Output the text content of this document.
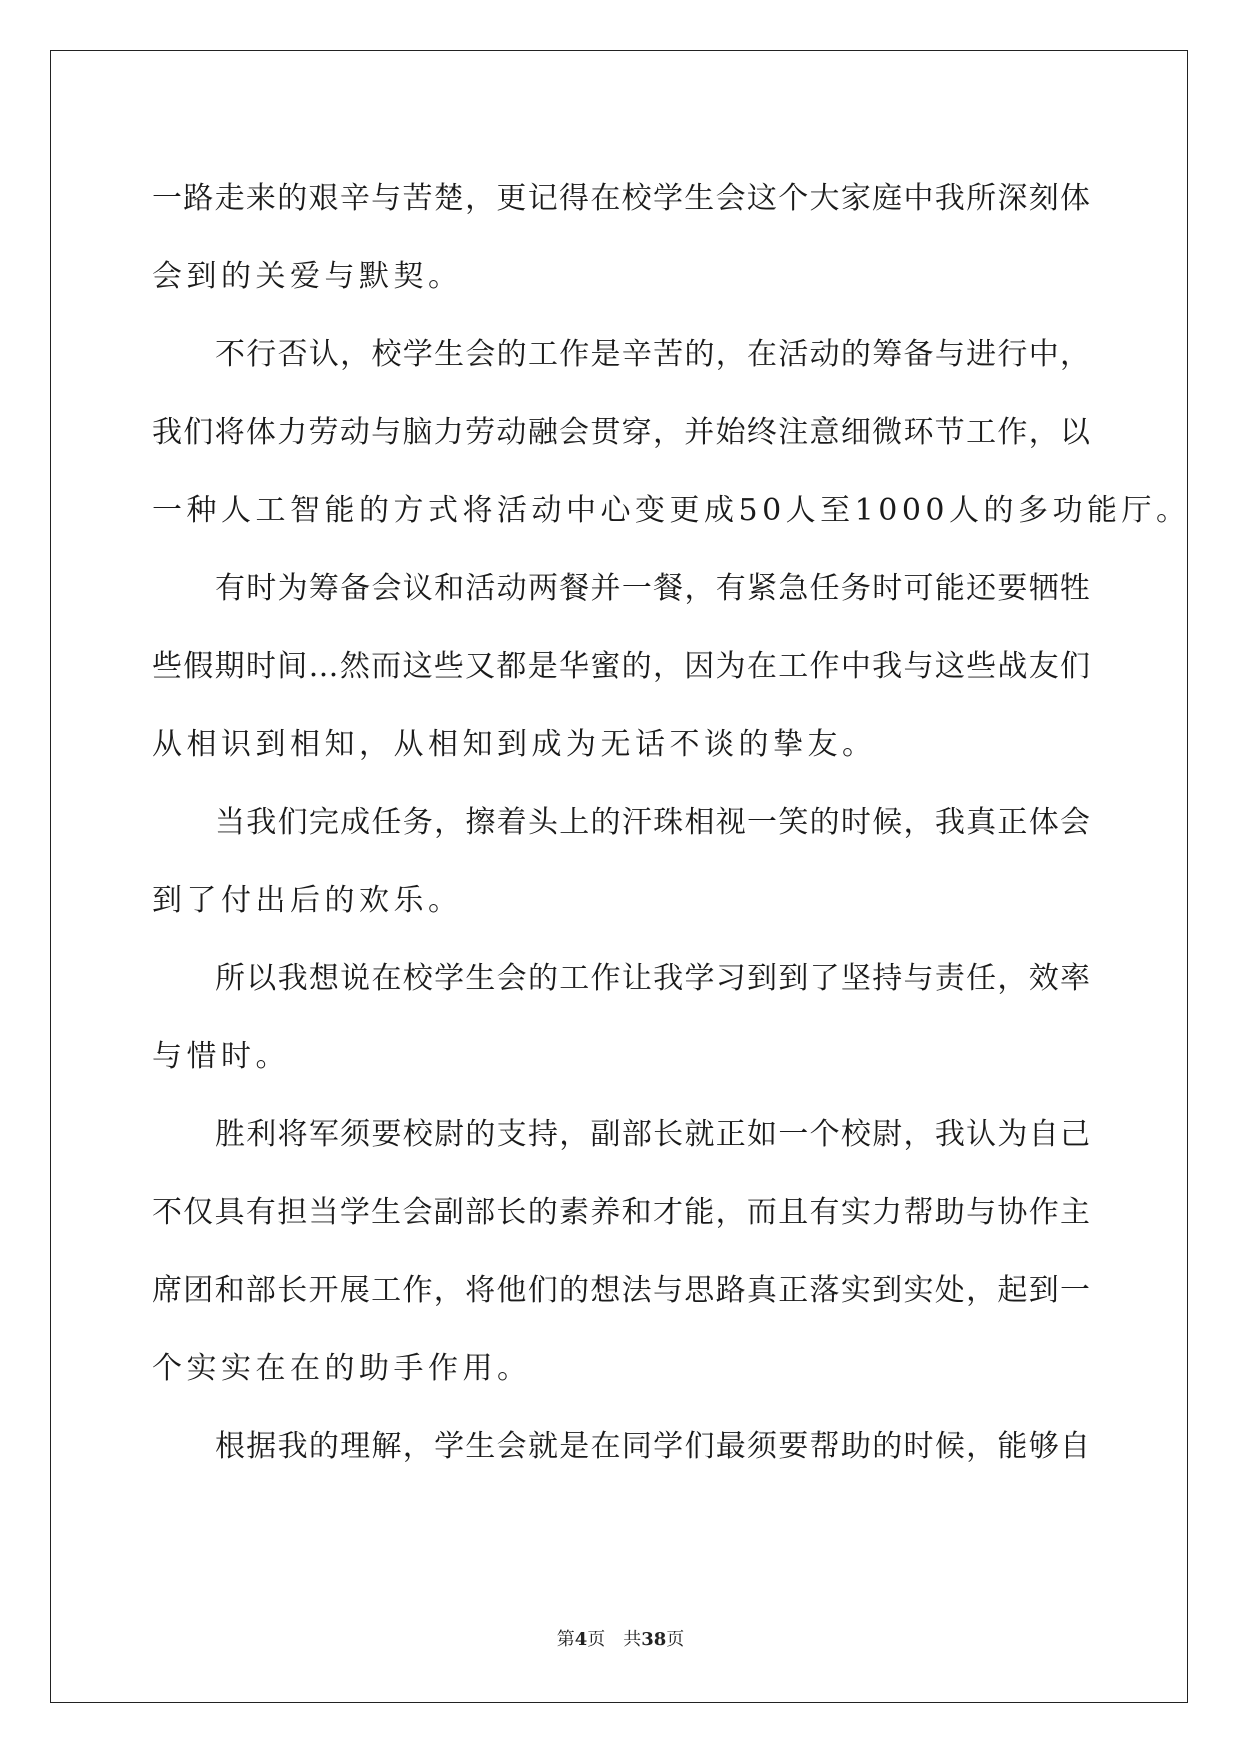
一路走来的艰辛与苦楚，更记得在校学生会这个大家庭中我所深刻体
会到的关爱与默契。
不行否认，校学生会的工作是辛苦的，在活动的筹备与进行中，
我们将体力劳动与脑力劳动融会贯穿，并始终注意细微环节工作，以
一种人工智能的方式将活动中心变更成50人至1000人的多功能厅。
有时为筹备会议和活动两餐并一餐，有紧急任务时可能还要牺牲
些假期时间…然而这些又都是华蜜的，因为在工作中我与这些战友们
从相识到相知，从相知到成为无话不谈的挚友。
当我们完成任务，擦着头上的汗珠相视一笑的时候，我真正体会
到了付出后的欢乐。
所以我想说在校学生会的工作让我学习到到了坚持与责任，效率
与惜时。
胜利将军须要校尉的支持，副部长就正如一个校尉，我认为自己
不仅具有担当学生会副部长的素养和才能，而且有实力帮助与协作主
席团和部长开展工作，将他们的想法与思路真正落实到实处，起到一
个实实在在的助手作用。
根据我的理解，学生会就是在同学们最须要帮助的时候，能够自
第4页 共38页
